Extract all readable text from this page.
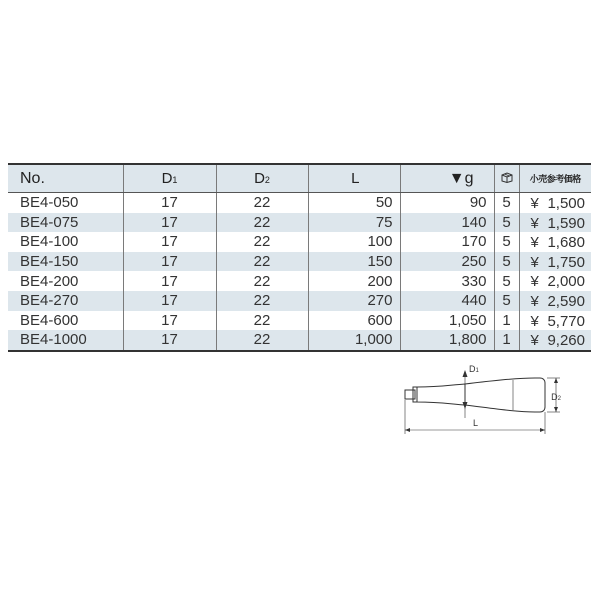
No.	D1	D2	L	▼g		小売参考価格
BE4-050	17	22	50	90	5	¥ 1,500

BE4-075	17	22	75	140	5	¥ 1,590

BE4-100	17	22	100	170	5	¥ 1,680

BE4-150	17	22	150	250	5	¥ 1,750

BE4-200	17	22	200	330	5	¥ 2,000

BE4-270	17	22	270	440	5	¥ 2,590

BE4-600	17	22	600	1,050	1	¥ 5,770

BE4-1000	17	22	1,000	1,800	1	¥ 9,260
D1
D2
L
